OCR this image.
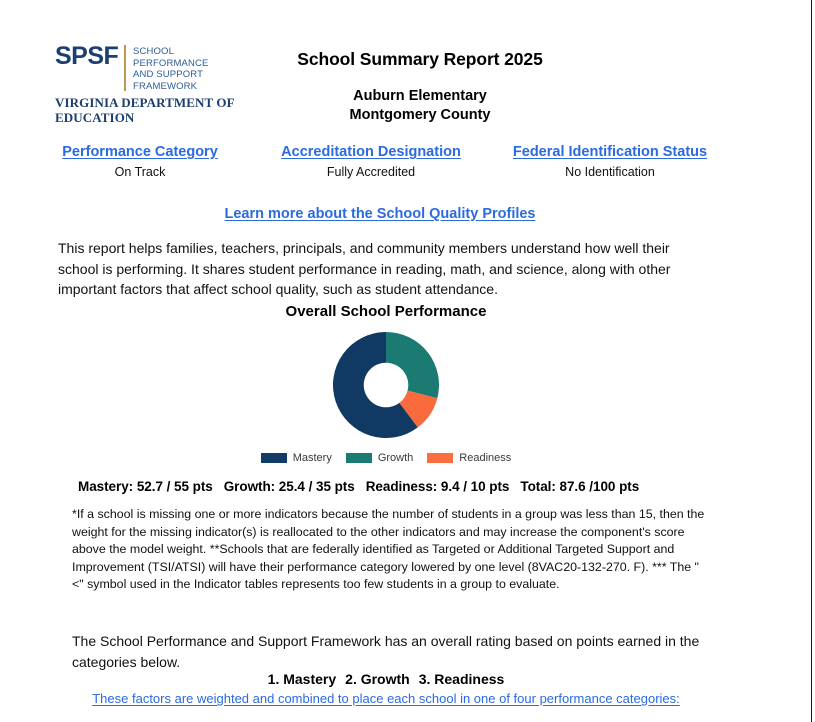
SPSF SCHOOL PERFORMANCE
AND SUPPORT FRAMEWORK
VIRGINIA DEPARTMENT OF EDUCATION
School Summary Report 2025
Auburn Elementary
Montgomery County
Performance Category
On Track
Accreditation Designation
Fully Accredited
Federal Identification Status
No Identification
Learn more about the School Quality Profiles
This report helps families, teachers, principals, and community members understand how well their school is performing. It shares student performance in reading, math, and science, along with other important factors that affect school quality, such as student attendance.
Overall School Performance
Mastery	Growth	Readiness
Mastery: 52.7 / 55 pts Growth: 25.4 / 35 pts Readiness: 9.4 / 10 pts Total: 87.6 /100 pts
*If a school is missing one or more indicators because the number of students in a group was less than 15, then the weight for the missing indicator(s) is reallocated to the other indicators and may increase the component's score above the model weight. **Schools that are federally identified as Targeted or Additional Targeted Support and Improvement (TSI/ATSI) will have their performance category lowered by one level (8VAC20-132-270. F). *** The "<" symbol used in the Indicator tables represents too few students in a group to evaluate.
The School Performance and Support Framework has an overall rating based on points earned in the categories below.
1. Mastery 2. Growth 3. Readiness
These factors are weighted and combined to place each school in one of four performance categories:
